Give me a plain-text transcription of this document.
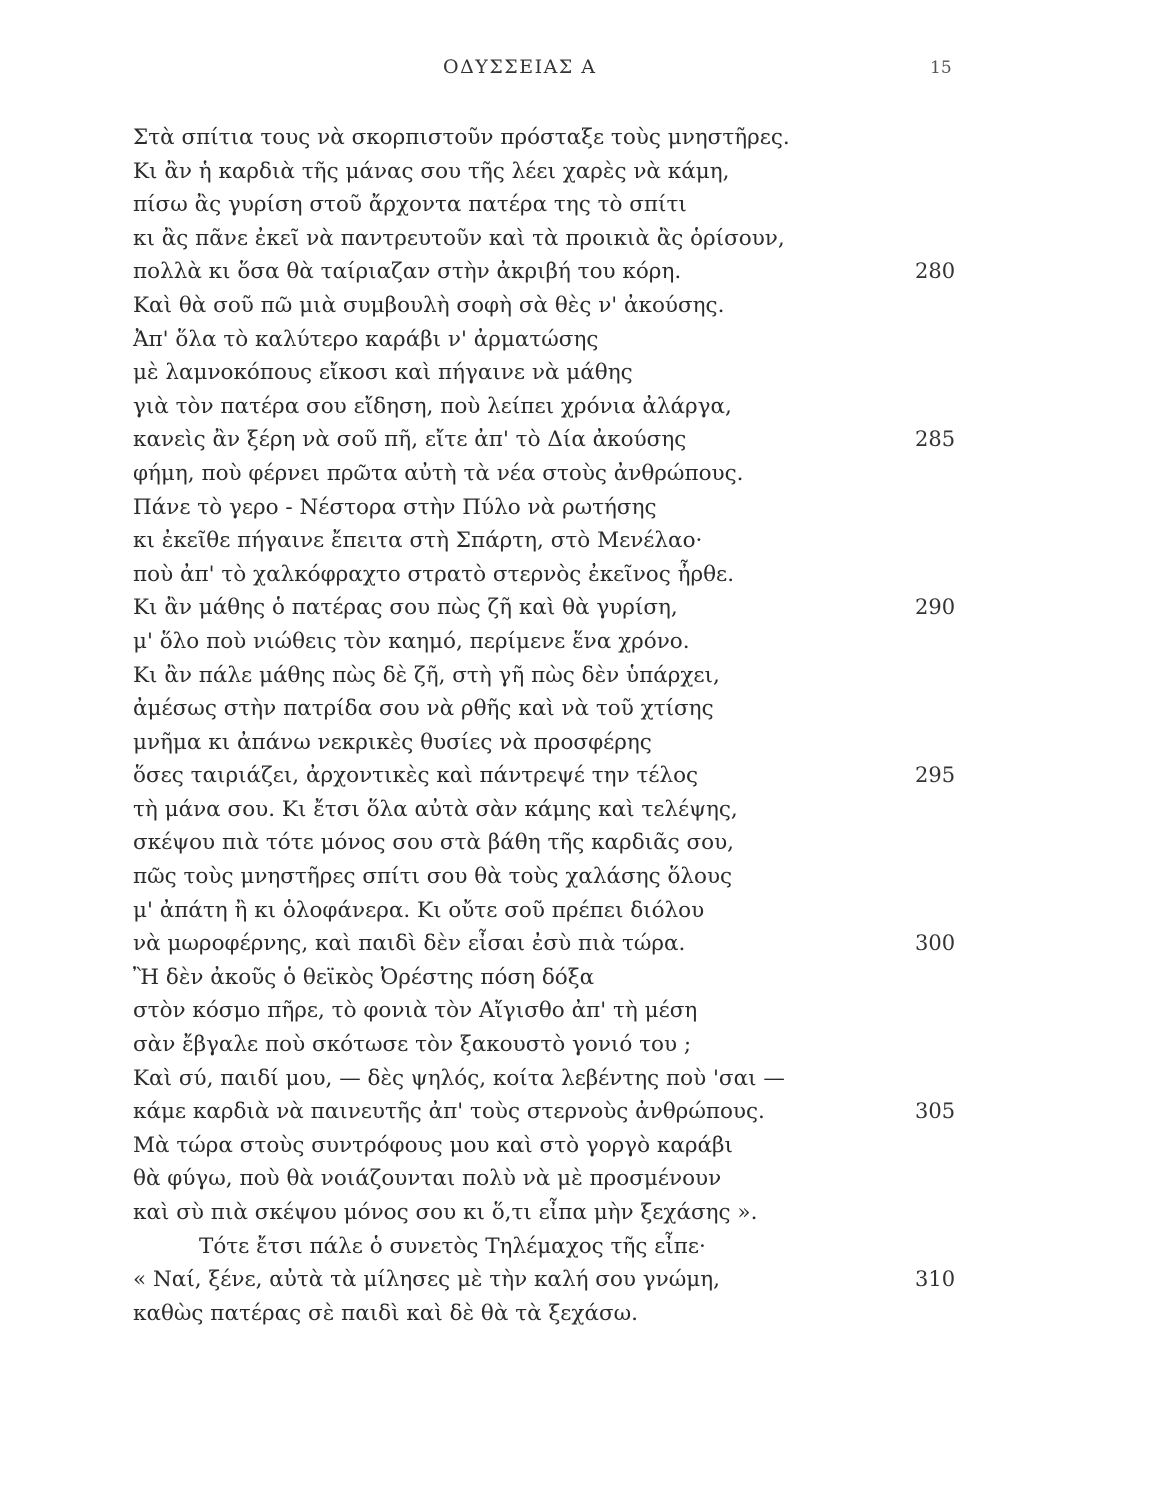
ΟΔΥΣΣΕΙΑΣ Α	15
Στὰ σπίτια τους νὰ σκορπιστοῦν πρόσταξε τοὺς μνηστῆρες.
Κι ἂν ἡ καρδιὰ τῆς μάνας σου τῆς λέει χαρὲς νὰ κάμη,
πίσω ἂς γυρίση στοῦ ἄρχοντα πατέρα της τὸ σπίτι
κι ἂς πᾶνε ἐκεῖ νὰ παντρευτοῦν καὶ τὰ προικιὰ ἂς ὁρίσουν,
πολλὰ κι ὅσα θὰ ταίριαζαν στὴν ἀκριβή του κόρη.	280
Καὶ θὰ σοῦ πῶ μιὰ συμβουλὴ σοφὴ σὰ θὲς ν' ἀκούσης.
Ἀπ' ὅλα τὸ καλύτερο καράβι ν' ἀρματώσης
μὲ λαμνοκόπους εἴκοσι καὶ πήγαινε νὰ μάθης
γιὰ τὸν πατέρα σου εἴδηση, ποὺ λείπει χρόνια ἀλάργα,
κανεὶς ἂν ξέρη νὰ σοῦ πῆ, εἴτε ἀπ' τὸ Δία ἀκούσης	285
φήμη, ποὺ φέρνει πρῶτα αὐτὴ τὰ νέα στοὺς ἀνθρώπους.
Πάνε τὸ γερο - Νέστορα στὴν Πύλο νὰ ρωτήσης
κι ἐκεῖθε πήγαινε ἔπειτα στὴ Σπάρτη, στὸ Μενέλαο·
ποὺ ἀπ' τὸ χαλκόφραχτο στρατὸ στερνὸς ἐκεῖνος ἦρθε.
Κι ἂν μάθης ὁ πατέρας σου πὼς ζῆ καὶ θὰ γυρίση,	290
μ' ὅλο ποὺ νιώθεις τὸν καημό, περίμενε ἕνα χρόνο.
Κι ἂν πάλε μάθης πὼς δὲ ζῆ, στὴ γῆ πὼς δὲν ὑπάρχει,
ἀμέσως στὴν πατρίδα σου νὰ ρθῆς καὶ νὰ τοῦ χτίσης
μνῆμα κι ἀπάνω νεκρικὲς θυσίες νὰ προσφέρης
ὅσες ταιριάζει, ἀρχοντικὲς καὶ πάντρεψέ την τέλος	295
τὴ μάνα σου. Κι ἔτσι ὅλα αὐτὰ σὰν κάμης καὶ τελέψης,
σκέψου πιὰ τότε μόνος σου στὰ βάθη τῆς καρδιᾶς σου,
πῶς τοὺς μνηστῆρες σπίτι σου θὰ τοὺς χαλάσης ὅλους
μ' ἀπάτη ἢ κι ὁλοφάνερα. Κι οὔτε σοῦ πρέπει διόλου
νὰ μωροφέρνης, καὶ παιδὶ δὲν εἶσαι ἐσὺ πιὰ τώρα.	300
Ἢ δὲν ἀκοῦς ὁ θεϊκὸς Ὀρέστης πόση δόξα
στὸν κόσμο πῆρε, τὸ φονιὰ τὸν Αἴγισθο ἀπ' τὴ μέση
σὰν ἔβγαλε ποὺ σκότωσε τὸν ξακουστὸ γονιό του ;
Καὶ σύ, παιδί μου, — δὲς ψηλός, κοίτα λεβέντης ποὺ 'σαι —
κάμε καρδιὰ νὰ παινευτῆς ἀπ' τοὺς στερνοὺς ἀνθρώπους.	305
Μὰ τώρα στοὺς συντρόφους μου καὶ στὸ γοργὸ καράβι
θὰ φύγω, ποὺ θὰ νοιάζουνται πολὺ νὰ μὲ προσμένουν
καὶ σὺ πιὰ σκέψου μόνος σου κι ὅ,τι εἶπα μὴν ξεχάσης ».
Τότε ἔτσι πάλε ὁ συνετὸς Τηλέμαχος τῆς εἶπε·
« Ναί, ξένε, αὐτὰ τὰ μίλησες μὲ τὴν καλή σου γνώμη,	310
καθὼς πατέρας σὲ παιδὶ καὶ δὲ θὰ τὰ ξεχάσω.
